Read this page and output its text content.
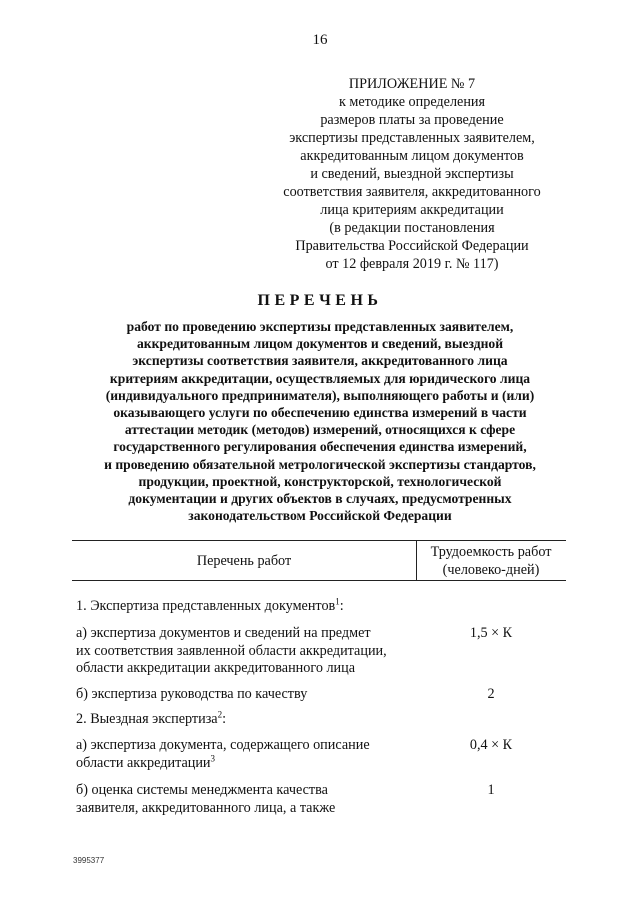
16
ПРИЛОЖЕНИЕ № 7
к методике определения
размеров платы за проведение
экспертизы представленных заявителем,
аккредитованным лицом документов
и сведений, выездной экспертизы
соответствия заявителя, аккредитованного
лица критериям аккредитации
(в редакции постановления
Правительства Российской Федерации
от 12 февраля 2019 г. № 117)
ПЕРЕЧЕНЬ
работ по проведению экспертизы представленных заявителем,
аккредитованным лицом документов и сведений, выездной
экспертизы соответствия заявителя, аккредитованного лица
критериям аккредитации, осуществляемых для юридического лица
(индивидуального предпринимателя), выполняющего работы и (или)
оказывающего услуги по обеспечению единства измерений в части
аттестации методик (методов) измерений, относящихся к сфере
государственного регулирования обеспечения единства измерений,
и проведению обязательной метрологической экспертизы стандартов,
продукции, проектной, конструкторской, технологической
документации и других объектов в случаях, предусмотренных
законодательством Российской Федерации
Перечень работ
Трудоемкость работ
(человеко-дней)
1. Экспертиза представленных документов$^1$:
а) экспертиза документов и сведений на предмет
их соответствия заявленной области аккредитации,
области аккредитации аккредитованного лица
1,5 × К
б) экспертиза руководства по качеству	2
2. Выездная экспертиза$^2$:
а) экспертиза документа, содержащего описание
области аккредитации$^3$
0,4 × К
б) оценка системы менеджмента качества
заявителя, аккредитованного лица, а также
1
3995377
